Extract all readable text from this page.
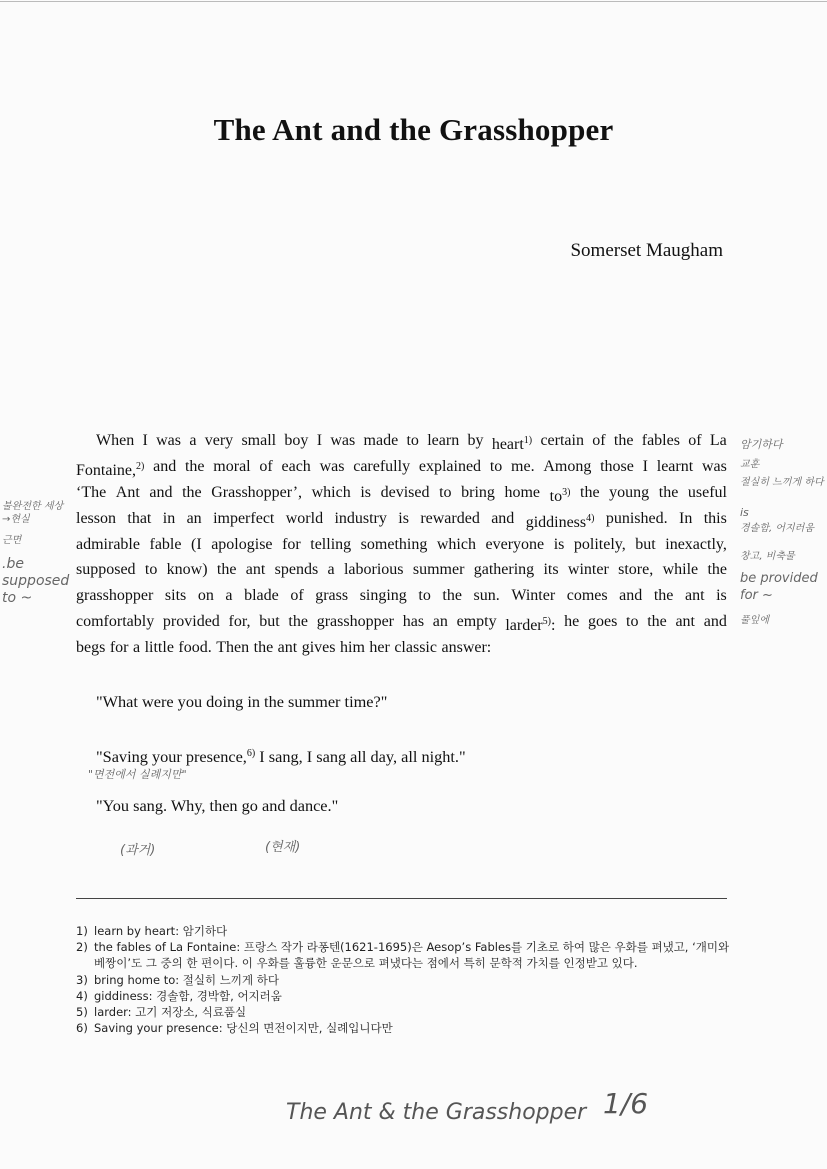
The Ant and the Grasshopper
Somerset Maugham
When I was a very small boy I was made to learn by heart$^{1)}$ certain of the fables of La
Fontaine,$^{2)}$ and the moral of each was carefully explained to me. Among those I learnt was
‘The Ant and the Grasshopper’, which is devised to bring home $to^{3)}$ the young the useful
lesson that in an imperfect world industry is rewarded and giddiness$^{4)}$ punished. In this
admirable fable (I apologise for telling something which everyone is politely, but inexactly,
supposed to know) the ant spends a laborious summer gathering its winter store, while the
grasshopper sits on a blade of grass singing to the sun. Winter comes and the ant is
comfortably provided for, but the grasshopper has an empty larder$^{5)}$: he goes to the ant and
begs for a little food. Then the ant gives him her classic answer:
"What were you doing in the summer time?"
"Saving your presence,$^{6)}$ I sang, I sang all day, all night."
"You sang. Why, then go and dance."
1) learn by heart: 암기하다
2) the fables of La Fontaine: 프랑스 작가 라퐁텐(1621-1695)은 Aesop’s Fables를 기초로 하여 많은 우화를 펴냈고, ‘개미와 베짱이’도 그 중의 한 편이다. 이 우화를 훌륭한 운문으로 펴냈다는 점에서 특히 문학적 가치를 인정받고 있다.
3) bring home to: 절실히 느끼게 하다
4) giddiness: 경솔함, 경박함, 어지러움
5) larder: 고기 저장소, 식료품실
6) Saving your presence: 당신의 면전이지만, 실례입니다만
암기하다
교훈
절실히 느끼게 하다
is
경솔함, 어지러움
불완전한 세상→현실
근면
.be supposed to ~
창고, 비축물
be provided for ~
풀잎에
"면전에서 실례지만"
(과거)	(현재)
The Ant & the Grasshopper 1/6
